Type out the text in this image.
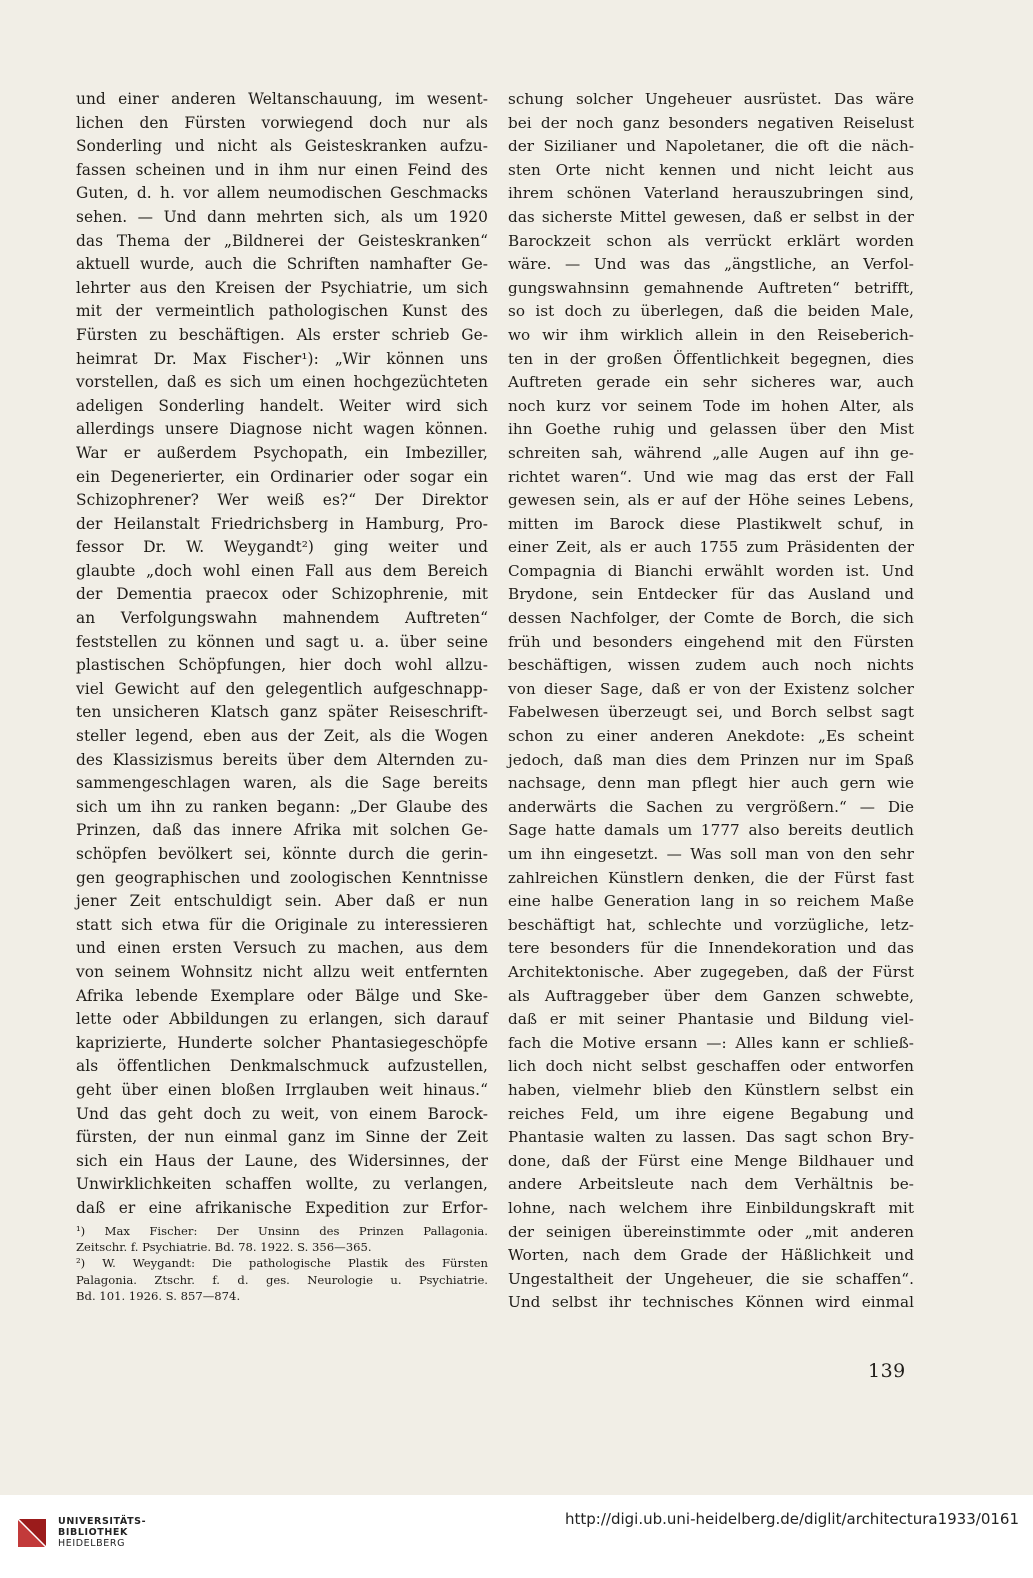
und einer anderen Weltanschauung, im wesent-
lichen den Fürsten vorwiegend doch nur als
Sonderling und nicht als Geisteskranken aufzu-
fassen scheinen und in ihm nur einen Feind des
Guten, d. h. vor allem neumodischen Geschmacks
sehen. — Und dann mehrten sich, als um 1920
das Thema der „Bildnerei der Geisteskranken“
aktuell wurde, auch die Schriften namhafter Ge-
lehrter aus den Kreisen der Psychiatrie, um sich
mit der vermeintlich pathologischen Kunst des
Fürsten zu beschäftigen. Als erster schrieb Ge-
heimrat Dr. Max Fischer¹): „Wir können uns
vorstellen, daß es sich um einen hochgezüchteten
adeligen Sonderling handelt. Weiter wird sich
allerdings unsere Diagnose nicht wagen können.
War er außerdem Psychopath, ein Imbeziller,
ein Degenerierter, ein Ordinarier oder sogar ein
Schizophrener? Wer weiß es?“ Der Direktor
der Heilanstalt Friedrichsberg in Hamburg, Pro-
fessor Dr. W. Weygandt²) ging weiter und
glaubte „doch wohl einen Fall aus dem Bereich
der Dementia praecox oder Schizophrenie, mit
an Verfolgungswahn mahnendem Auftreten“
feststellen zu können und sagt u. a. über seine
plastischen Schöpfungen, hier doch wohl allzu-
viel Gewicht auf den gelegentlich aufgeschnapp-
ten unsicheren Klatsch ganz später Reiseschrift-
steller legend, eben aus der Zeit, als die Wogen
des Klassizismus bereits über dem Alternden zu-
sammengeschlagen waren, als die Sage bereits
sich um ihn zu ranken begann: „Der Glaube des
Prinzen, daß das innere Afrika mit solchen Ge-
schöpfen bevölkert sei, könnte durch die gerin-
gen geographischen und zoologischen Kenntnisse
jener Zeit entschuldigt sein. Aber daß er nun
statt sich etwa für die Originale zu interessieren
und einen ersten Versuch zu machen, aus dem
von seinem Wohnsitz nicht allzu weit entfernten
Afrika lebende Exemplare oder Bälge und Ske-
lette oder Abbildungen zu erlangen, sich darauf
kaprizierte, Hunderte solcher Phantasiegeschöpfe
als öffentlichen Denkmalschmuck aufzustellen,
geht über einen bloßen Irrglauben weit hinaus.“
Und das geht doch zu weit, von einem Barock-
fürsten, der nun einmal ganz im Sinne der Zeit
sich ein Haus der Laune, des Widersinnes, der
Unwirklichkeiten schaffen wollte, zu verlangen,
daß er eine afrikanische Expedition zur Erfor-
¹) Max Fischer: Der Unsinn des Prinzen Pallagonia.
Zeitschr. f. Psychiatrie. Bd. 78. 1922. S. 356—365.
²) W. Weygandt: Die pathologische Plastik des Fürsten
Palagonia. Ztschr. f. d. ges. Neurologie u. Psychiatrie.
Bd. 101. 1926. S. 857—874.
schung solcher Ungeheuer ausrüstet. Das wäre
bei der noch ganz besonders negativen Reiselust
der Sizilianer und Napoletaner, die oft die näch-
sten Orte nicht kennen und nicht leicht aus
ihrem schönen Vaterland herauszubringen sind,
das sicherste Mittel gewesen, daß er selbst in der
Barockzeit schon als verrückt erklärt worden
wäre. — Und was das „ängstliche, an Verfol-
gungswahnsinn gemahnende Auftreten“ betrifft,
so ist doch zu überlegen, daß die beiden Male,
wo wir ihm wirklich allein in den Reiseberich-
ten in der großen Öffentlichkeit begegnen, dies
Auftreten gerade ein sehr sicheres war, auch
noch kurz vor seinem Tode im hohen Alter, als
ihn Goethe ruhig und gelassen über den Mist
schreiten sah, während „alle Augen auf ihn ge-
richtet waren“. Und wie mag das erst der Fall
gewesen sein, als er auf der Höhe seines Lebens,
mitten im Barock diese Plastikwelt schuf, in
einer Zeit, als er auch 1755 zum Präsidenten der
Compagnia di Bianchi erwählt worden ist. Und
Brydone, sein Entdecker für das Ausland und
dessen Nachfolger, der Comte de Borch, die sich
früh und besonders eingehend mit den Fürsten
beschäftigen, wissen zudem auch noch nichts
von dieser Sage, daß er von der Existenz solcher
Fabelwesen überzeugt sei, und Borch selbst sagt
schon zu einer anderen Anekdote: „Es scheint
jedoch, daß man dies dem Prinzen nur im Spaß
nachsage, denn man pflegt hier auch gern wie
anderwärts die Sachen zu vergrößern.“ — Die
Sage hatte damals um 1777 also bereits deutlich
um ihn eingesetzt. — Was soll man von den sehr
zahlreichen Künstlern denken, die der Fürst fast
eine halbe Generation lang in so reichem Maße
beschäftigt hat, schlechte und vorzügliche, letz-
tere besonders für die Innendekoration und das
Architektonische. Aber zugegeben, daß der Fürst
als Auftraggeber über dem Ganzen schwebte,
daß er mit seiner Phantasie und Bildung viel-
fach die Motive ersann —: Alles kann er schließ-
lich doch nicht selbst geschaffen oder entworfen
haben, vielmehr blieb den Künstlern selbst ein
reiches Feld, um ihre eigene Begabung und
Phantasie walten zu lassen. Das sagt schon Bry-
done, daß der Fürst eine Menge Bildhauer und
andere Arbeitsleute nach dem Verhältnis be-
lohne, nach welchem ihre Einbildungskraft mit
der seinigen übereinstimmte oder „mit anderen
Worten, nach dem Grade der Häßlichkeit und
Ungestaltheit der Ungeheuer, die sie schaffen“.
Und selbst ihr technisches Können wird einmal
139
UNIVERSITÄTS-
BIBLIOTHEK
HEIDELBERG
http://digi.ub.uni-heidelberg.de/diglit/architectura1933/0161
